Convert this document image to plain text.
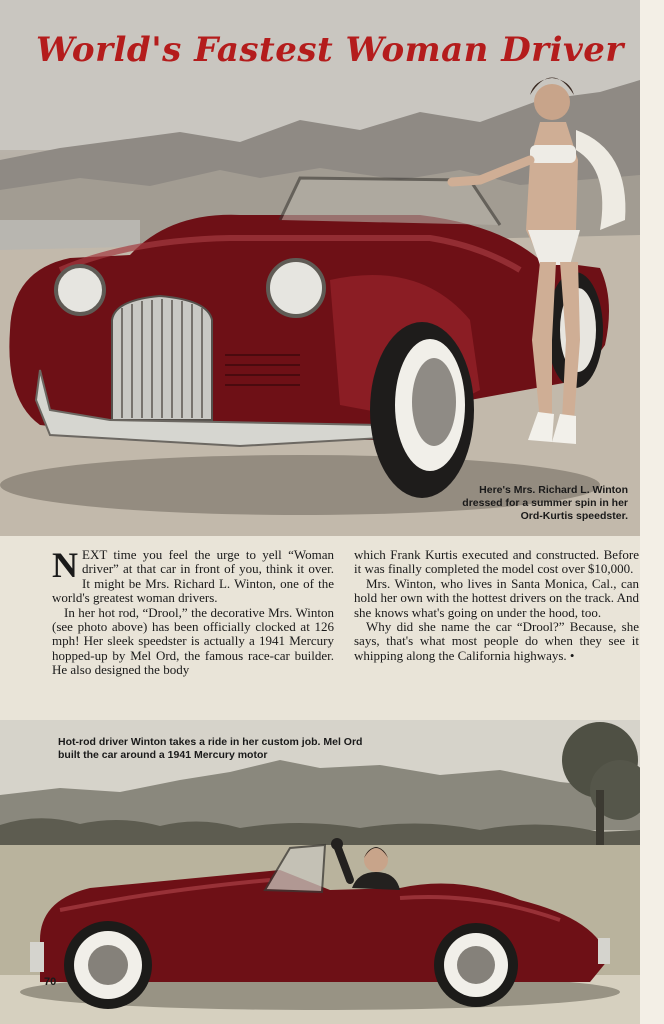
World's Fastest Woman Driver

Here's Mrs. Richard L. Winton dressed for a summer spin in her Ord-Kurtis speedster.

NEXT time you feel the urge to yell “Woman driver” at that car in front of you, think it over. It might be Mrs. Richard L. Winton, one of the world's greatest woman drivers.

In her hot rod, “Drool,” the decorative Mrs. Winton (see photo above) has been officially clocked at 126 mph! Her sleek speedster is actually a 1941 Mercury hopped-up by Mel Ord, the famous race-car builder. He also designed the body

which Frank Kurtis executed and constructed. Before it was finally completed the model cost over $10,000.

Mrs. Winton, who lives in Santa Monica, Cal., can hold her own with the hottest drivers on the track. And she knows what's going on under the hood, too.

Why did she name the car “Drool?” Because, she says, that's what most people do when they see it whipping along the California highways. •

Hot-rod driver Winton takes a ride in her custom job. Mel Ord built the car around a 1941 Mercury motor

70
